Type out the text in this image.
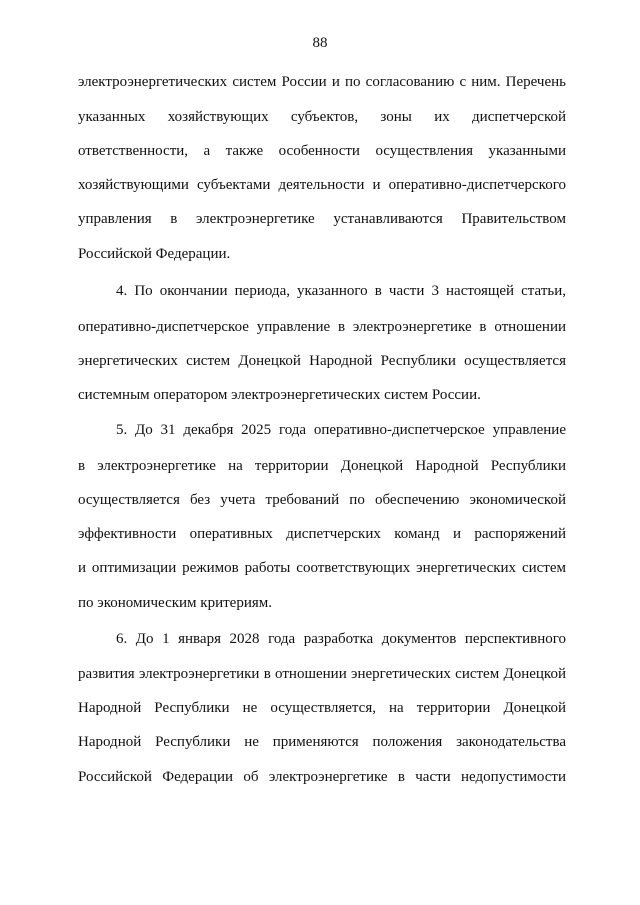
88
электроэнергетических систем России и по согласованию с ним. Перечень
указанных хозяйствующих субъектов, зоны их диспетчерской
ответственности, а также особенности осуществления указанными
хозяйствующими субъектами деятельности и оперативно-диспетчерского
управления в электроэнергетике устанавливаются Правительством
Российской Федерации.
4. По окончании периода, указанного в части 3 настоящей статьи,
оперативно-диспетчерское управление в электроэнергетике в отношении
энергетических систем Донецкой Народной Республики осуществляется
системным оператором электроэнергетических систем России.
5. До 31 декабря 2025 года оперативно-диспетчерское управление
в электроэнергетике на территории Донецкой Народной Республики
осуществляется без учета требований по обеспечению экономической
эффективности оперативных диспетчерских команд и распоряжений
и оптимизации режимов работы соответствующих энергетических систем
по экономическим критериям.
6. До 1 января 2028 года разработка документов перспективного
развития электроэнергетики в отношении энергетических систем Донецкой
Народной Республики не осуществляется, на территории Донецкой
Народной Республики не применяются положения законодательства
Российской Федерации об электроэнергетике в части недопустимости
